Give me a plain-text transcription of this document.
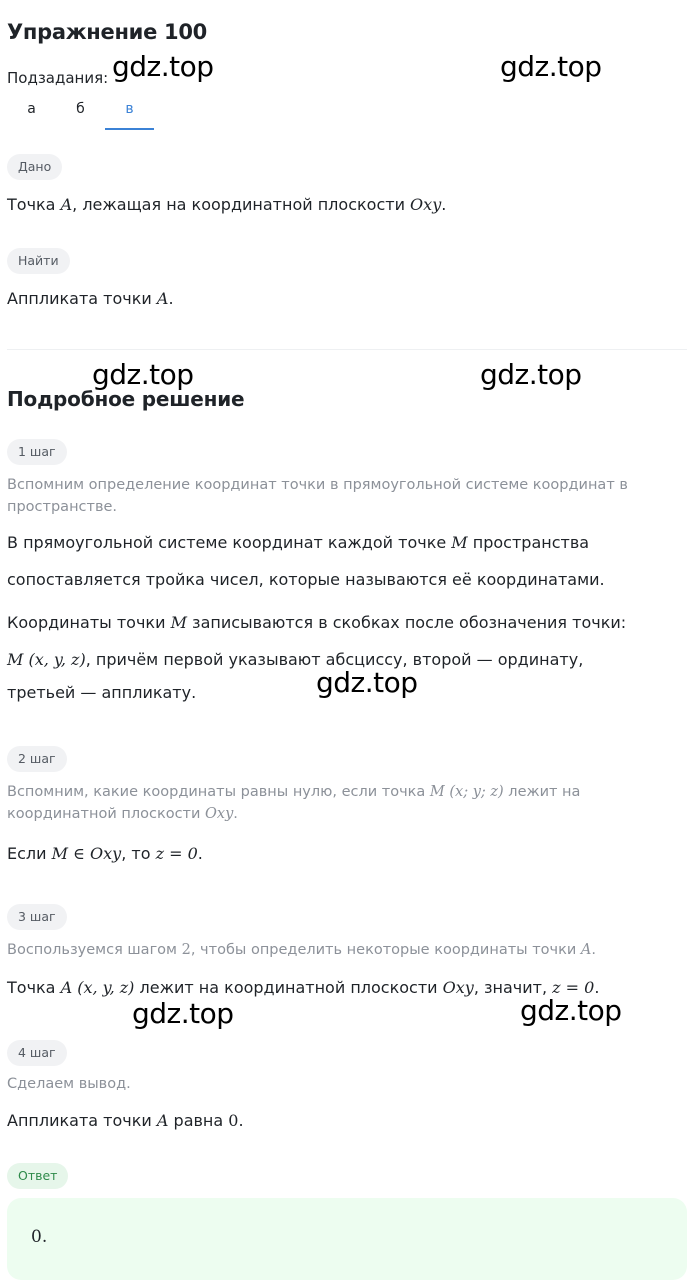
Упражнение 100
Подзадания:
а	б	в
Дано
Точка A, лежащая на координатной плоскости Oxy.
Найти
Аппликата точки A.
Подробное решение
1 шаг
Вспомним определение координат точки в прямоугольной системе координат в пространстве.
В прямоугольной системе координат каждой точке M пространства
сопоставляется тройка чисел, которые называются её координатами.
Координаты точки M записываются в скобках после обозначения точки:
M (x, y, z), причём первой указывают абсциссу, второй — ординату,
третьей — аппликату.
2 шаг
Вспомним, какие координаты равны нулю, если точка M (x; y; z) лежит на
координатной плоскости Oxy.
Если M ∈ Oxy, то z = 0.
3 шаг
Воспользуемся шагом 2, чтобы определить некоторые координаты точки A.
Точка A (x, y, z) лежит на координатной плоскости Oxy, значит, z = 0.
4 шаг
Сделаем вывод.
Аппликата точки A равна 0.
Ответ
0.
gdz.top	gdz.top
gdz.top	gdz.top
gdz.top
gdz.top	gdz.top
